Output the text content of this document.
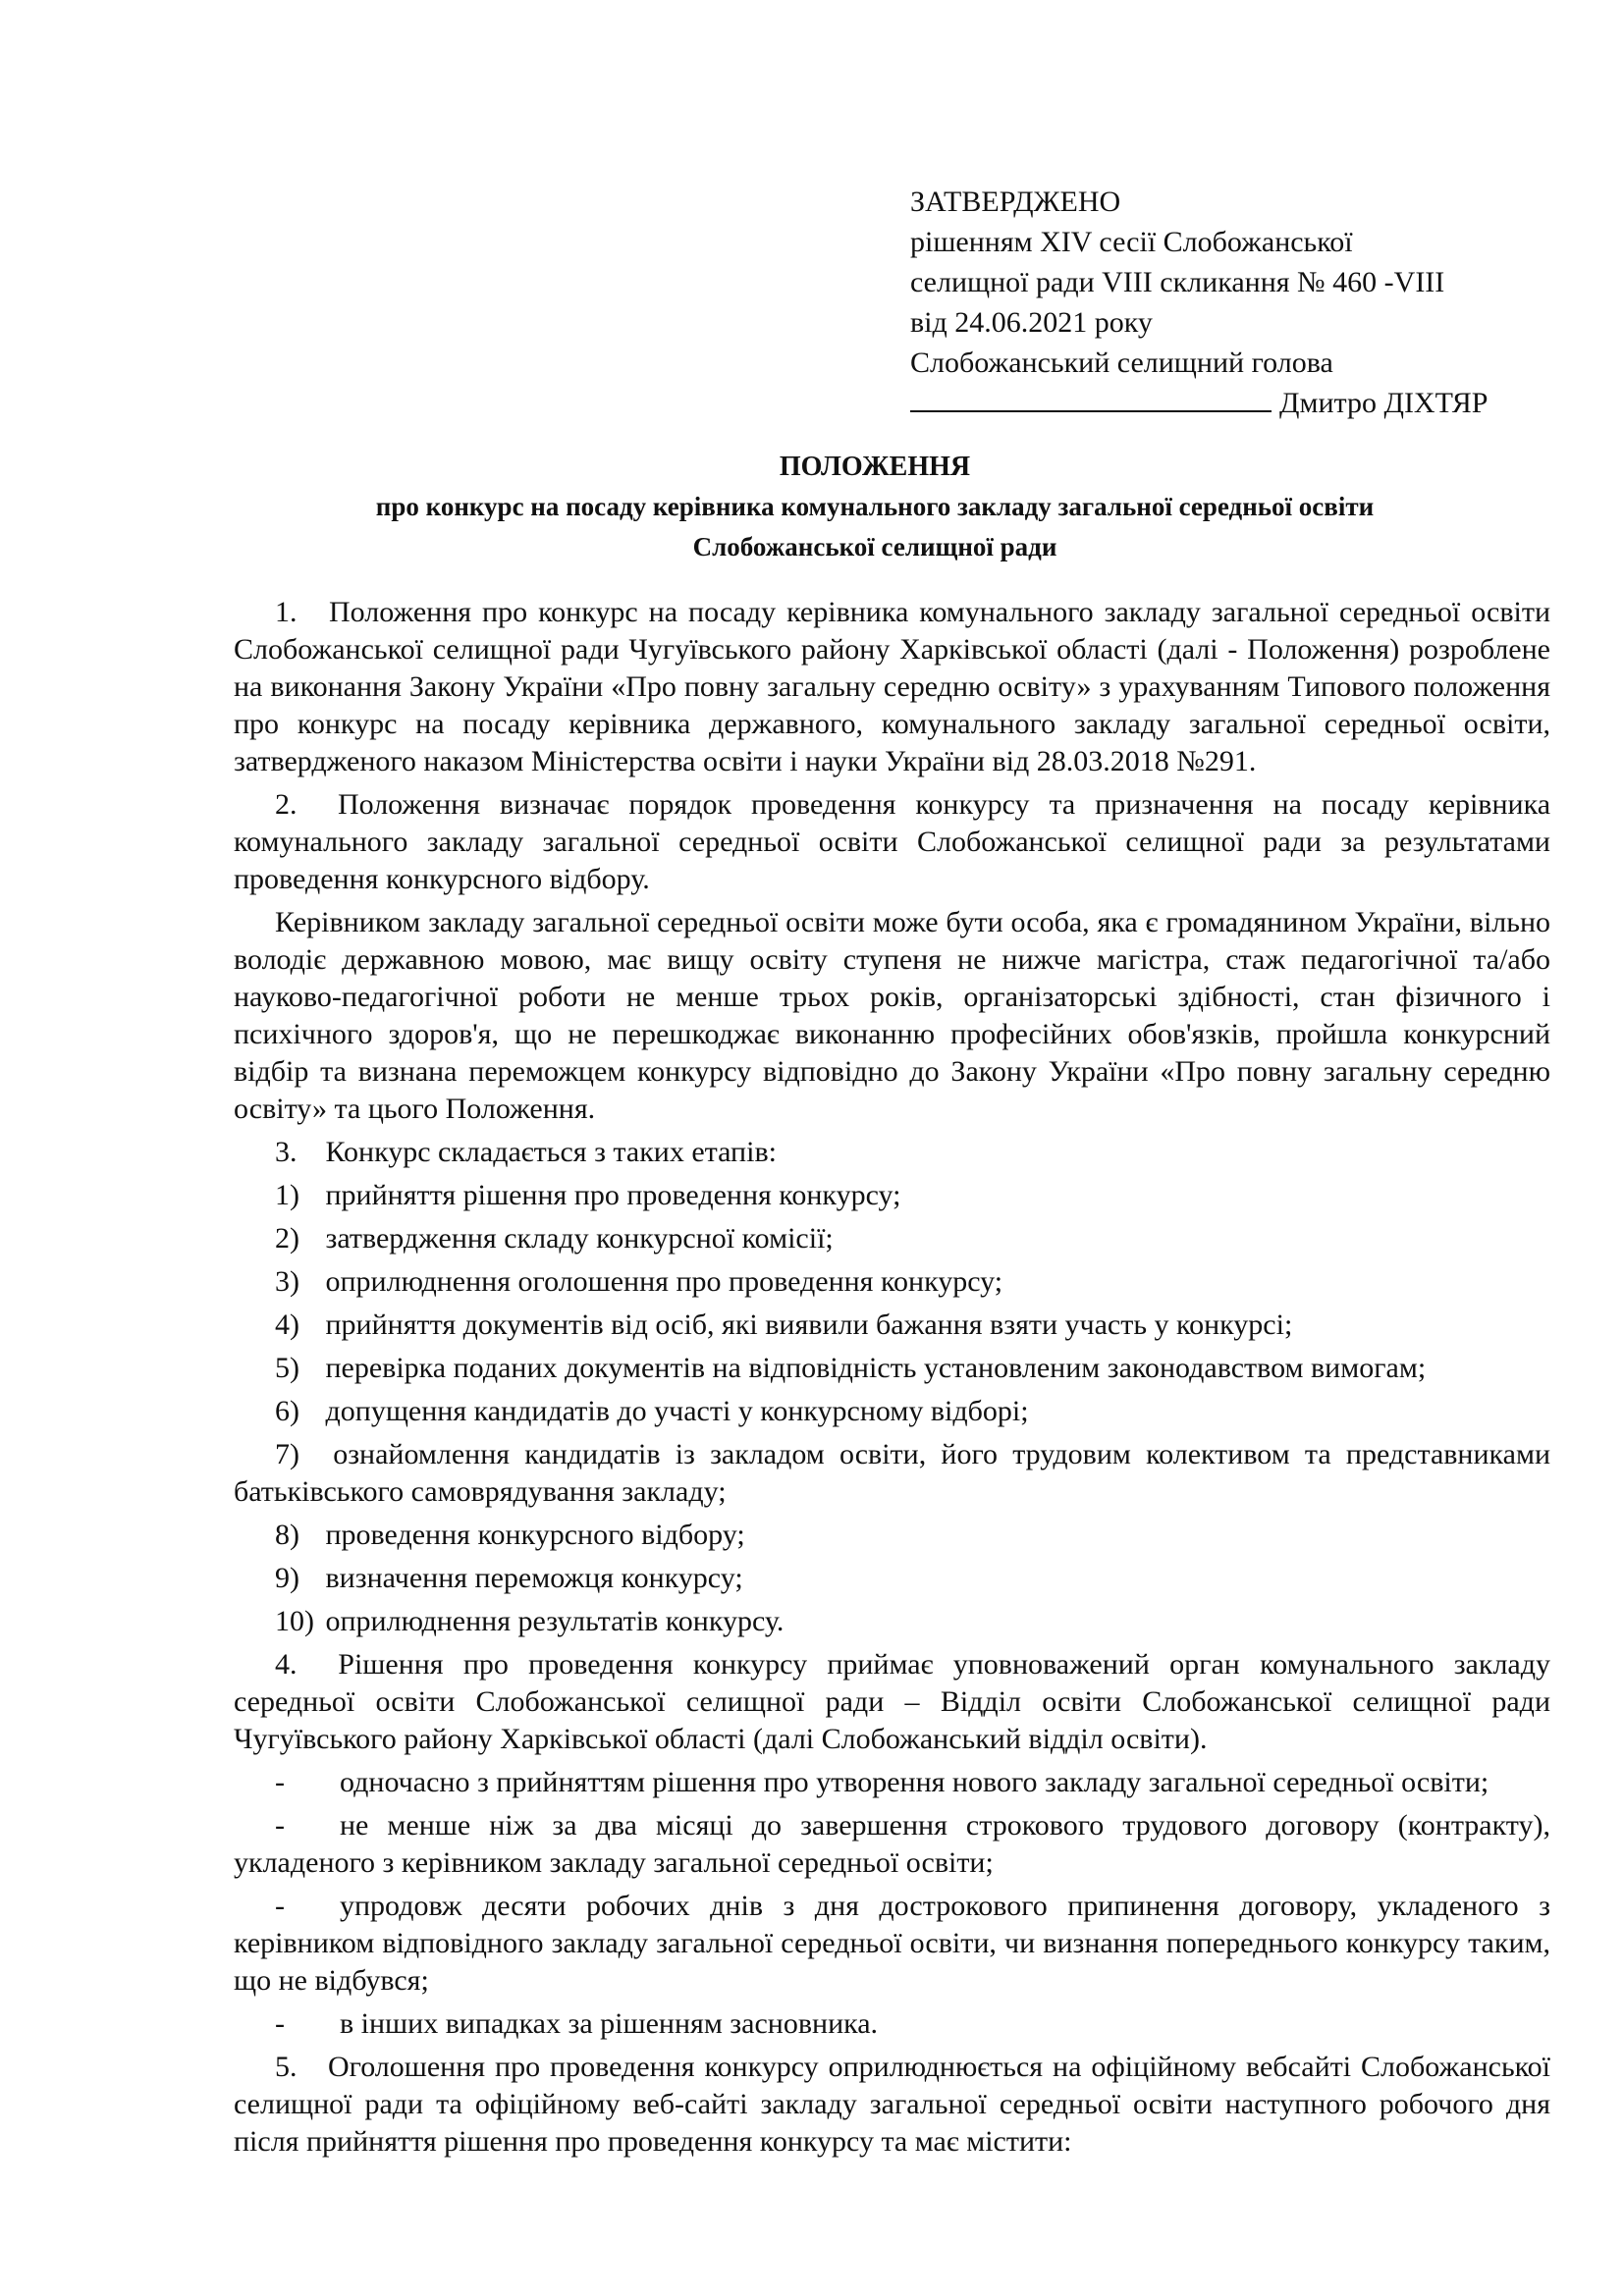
ЗАТВЕРДЖЕНО
рішенням XIV сесії Слобожанської
селищної ради VIII скликання № 460 -VIII
від 24.06.2021 року
Слобожанський селищний голова
Дмитро ДІХТЯР
ПОЛОЖЕННЯ
про конкурс на посаду керівника комунального закладу загальної середньої освіти
Слобожанської селищної ради

1. Положення про конкурс на посаду керівника комунального закладу загальної середньої освіти Слобожанської селищної ради Чугуївського району Харківської області (далі - Положення) розроблене на виконання Закону України «Про повну загальну середню освіту» з урахуванням Типового положення про конкурс на посаду керівника державного, комунального закладу загальної середньої освіти, затвердженого наказом Міністерства освіти і науки України від 28.03.2018 №291.

2. Положення визначає порядок проведення конкурсу та призначення на посаду керівника комунального закладу загальної середньої освіти Слобожанської селищної ради за результатами проведення конкурсного відбору.

Керівником закладу загальної середньої освіти може бути особа, яка є громадянином України, вільно володіє державною мовою, має вищу освіту ступеня не нижче магістра, стаж педагогічної та/або науково-педагогічної роботи не менше трьох років, організаторські здібності, стан фізичного і психічного здоров'я, що не перешкоджає виконанню професійних обов'язків, пройшла конкурсний відбір та визнана переможцем конкурсу відповідно до Закону України «Про повну загальну середню освіту» та цього Положення.

3. Конкурс складається з таких етапів:

1) прийняття рішення про проведення конкурсу;
2) затвердження складу конкурсної комісії;
3) оприлюднення оголошення про проведення конкурсу;
4) прийняття документів від осіб, які виявили бажання взяти участь у конкурсі;
5) перевірка поданих документів на відповідність установленим законодавством вимогам;
6) допущення кандидатів до участі у конкурсному відборі;
7) ознайомлення кандидатів із закладом освіти, його трудовим колективом та представниками батьківського самоврядування закладу;
8) проведення конкурсного відбору;
9) визначення переможця конкурсу;
10) оприлюднення результатів конкурсу.

4. Рішення про проведення конкурсу приймає уповноважений орган комунального закладу середньої освіти Слобожанської селищної ради – Відділ освіти Слобожанської селищної ради Чугуївського району Харківської області (далі Слобожанський відділ освіти).

- одночасно з прийняттям рішення про утворення нового закладу загальної середньої освіти;
- не менше ніж за два місяці до завершення строкового трудового договору (контракту), укладеного з керівником закладу загальної середньої освіти;
- упродовж десяти робочих днів з дня дострокового припинення договору, укладеного з керівником відповідного закладу загальної середньої освіти, чи визнання попереднього конкурсу таким, що не відбувся;
- в інших випадках за рішенням засновника.

5. Оголошення про проведення конкурсу оприлюднюється на офіційному вебсайті Слобожанської селищної ради та офіційному веб-сайті закладу загальної середньої освіти наступного робочого дня після прийняття рішення про проведення конкурсу та має містити:
